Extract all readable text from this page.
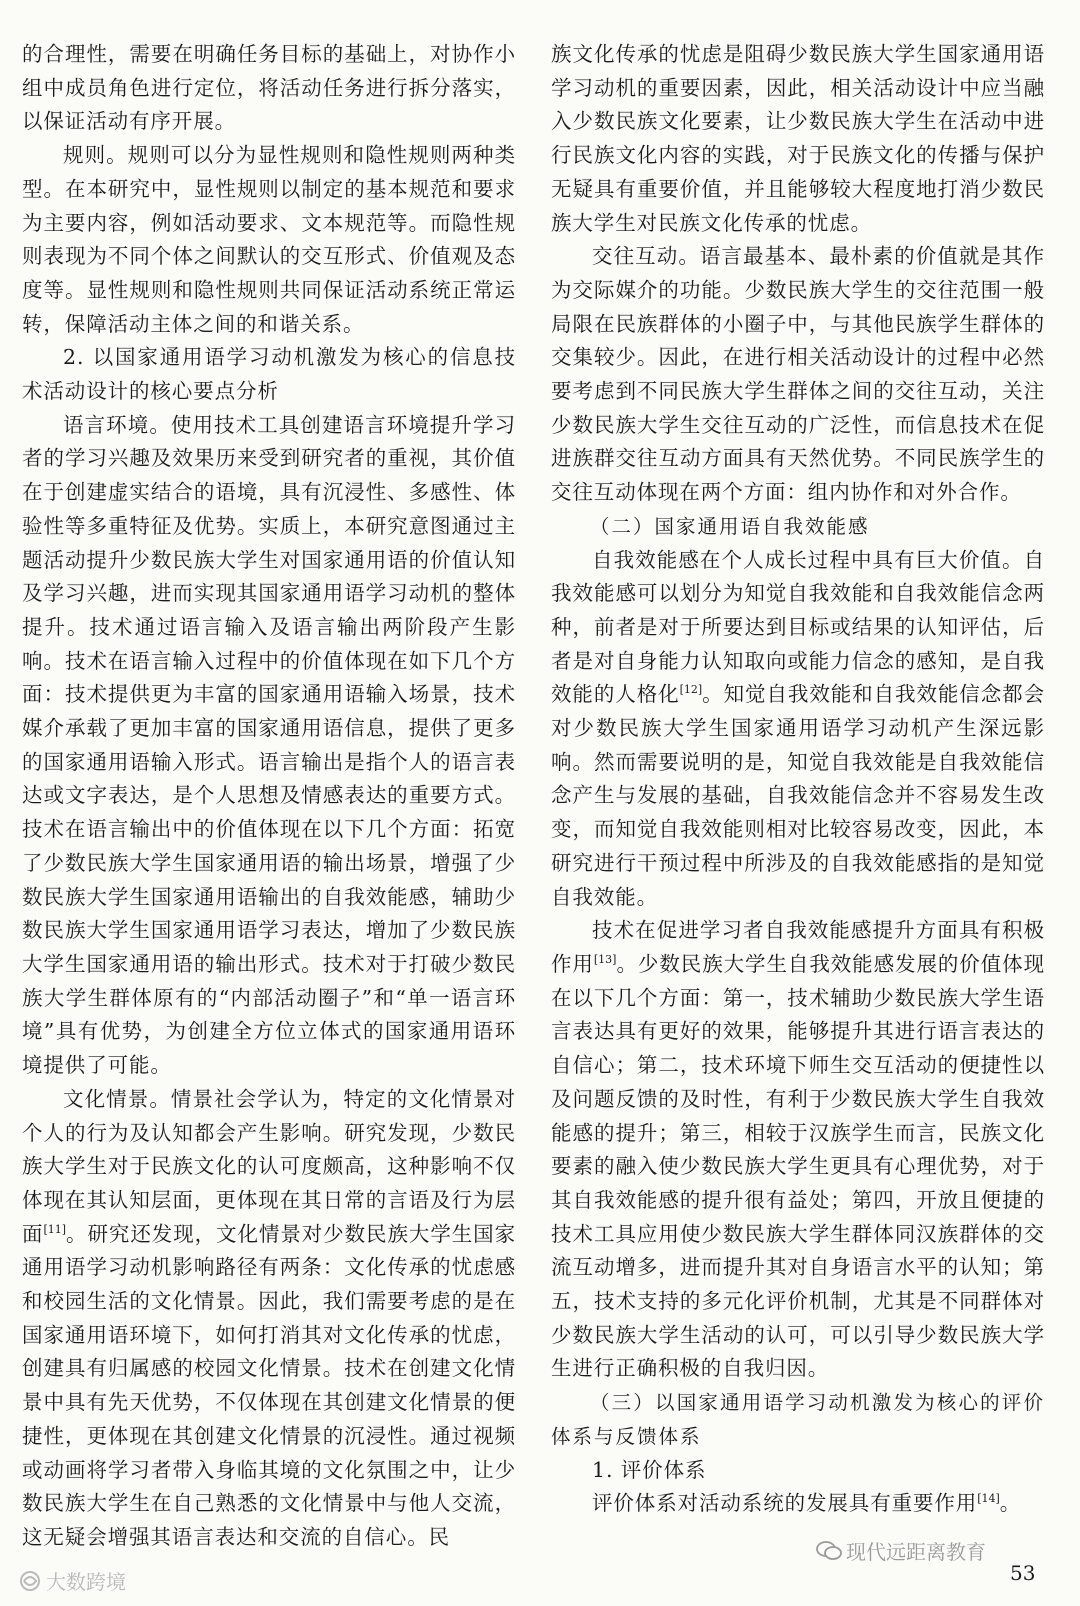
的合理性，需要在明确任务目标的基础上，对协作小组中成员角色进行定位，将活动任务进行拆分落实，以保证活动有序开展。

规则。规则可以分为显性规则和隐性规则两种类型。在本研究中，显性规则以制定的基本规范和要求为主要内容，例如活动要求、文本规范等。而隐性规则表现为不同个体之间默认的交互形式、价值观及态度等。显性规则和隐性规则共同保证活动系统正常运转，保障活动主体之间的和谐关系。

2. 以国家通用语学习动机激发为核心的信息技术活动设计的核心要点分析

语言环境。使用技术工具创建语言环境提升学习者的学习兴趣及效果历来受到研究者的重视，其价值在于创建虚实结合的语境，具有沉浸性、多感性、体验性等多重特征及优势。实质上，本研究意图通过主题活动提升少数民族大学生对国家通用语的价值认知及学习兴趣，进而实现其国家通用语学习动机的整体提升。技术通过语言输入及语言输出两阶段产生影响。技术在语言输入过程中的价值体现在如下几个方面：技术提供更为丰富的国家通用语输入场景，技术媒介承载了更加丰富的国家通用语信息，提供了更多的国家通用语输入形式。语言输出是指个人的语言表达或文字表达，是个人思想及情感表达的重要方式。技术在语言输出中的价值体现在以下几个方面：拓宽了少数民族大学生国家通用语的输出场景，增强了少数民族大学生国家通用语输出的自我效能感，辅助少数民族大学生国家通用语学习表达，增加了少数民族大学生国家通用语的输出形式。技术对于打破少数民族大学生群体原有的“内部活动圈子”和“单一语言环境”具有优势，为创建全方位立体式的国家通用语环境提供了可能。

文化情景。情景社会学认为，特定的文化情景对个人的行为及认知都会产生影响。研究发现，少数民族大学生对于民族文化的认可度颇高，这种影响不仅体现在其认知层面，更体现在其日常的言语及行为层面[11]。研究还发现，文化情景对少数民族大学生国家通用语学习动机影响路径有两条：文化传承的忧虑感和校园生活的文化情景。因此，我们需要考虑的是在国家通用语环境下，如何打消其对文化传承的忧虑，创建具有归属感的校园文化情景。技术在创建文化情景中具有先天优势，不仅体现在其创建文化情景的便捷性，更体现在其创建文化情景的沉浸性。通过视频或动画将学习者带入身临其境的文化氛围之中，让少数民族大学生在自己熟悉的文化情景中与他人交流，这无疑会增强其语言表达和交流的自信心。民

族文化传承的忧虑是阻碍少数民族大学生国家通用语学习动机的重要因素，因此，相关活动设计中应当融入少数民族文化要素，让少数民族大学生在活动中进行民族文化内容的实践，对于民族文化的传播与保护无疑具有重要价值，并且能够较大程度地打消少数民族大学生对民族文化传承的忧虑。

交往互动。语言最基本、最朴素的价值就是其作为交际媒介的功能。少数民族大学生的交往范围一般局限在民族群体的小圈子中，与其他民族学生群体的交集较少。因此，在进行相关活动设计的过程中必然要考虑到不同民族大学生群体之间的交往互动，关注少数民族大学生交往互动的广泛性，而信息技术在促进族群交往互动方面具有天然优势。不同民族学生的交往互动体现在两个方面：组内协作和对外合作。

（二）国家通用语自我效能感

自我效能感在个人成长过程中具有巨大价值。自我效能感可以划分为知觉自我效能和自我效能信念两种，前者是对于所要达到目标或结果的认知评估，后者是对自身能力认知取向或能力信念的感知，是自我效能的人格化[12]。知觉自我效能和自我效能信念都会对少数民族大学生国家通用语学习动机产生深远影响。然而需要说明的是，知觉自我效能是自我效能信念产生与发展的基础，自我效能信念并不容易发生改变，而知觉自我效能则相对比较容易改变，因此，本研究进行干预过程中所涉及的自我效能感指的是知觉自我效能。

技术在促进学习者自我效能感提升方面具有积极作用[13]。少数民族大学生自我效能感发展的价值体现在以下几个方面：第一，技术辅助少数民族大学生语言表达具有更好的效果，能够提升其进行语言表达的自信心；第二，技术环境下师生交互活动的便捷性以及问题反馈的及时性，有利于少数民族大学生自我效能感的提升；第三，相较于汉族学生而言，民族文化要素的融入使少数民族大学生更具有心理优势，对于其自我效能感的提升很有益处；第四，开放且便捷的技术工具应用使少数民族大学生群体同汉族群体的交流互动增多，进而提升其对自身语言水平的认知；第五，技术支持的多元化评价机制，尤其是不同群体对少数民族大学生活动的认可，可以引导少数民族大学生进行正确积极的自我归因。

（三）以国家通用语学习动机激发为核心的评价体系与反馈体系

1. 评价体系

评价体系对活动系统的发展具有重要作用[14]。

大数跨境
现代远距离教育
53
